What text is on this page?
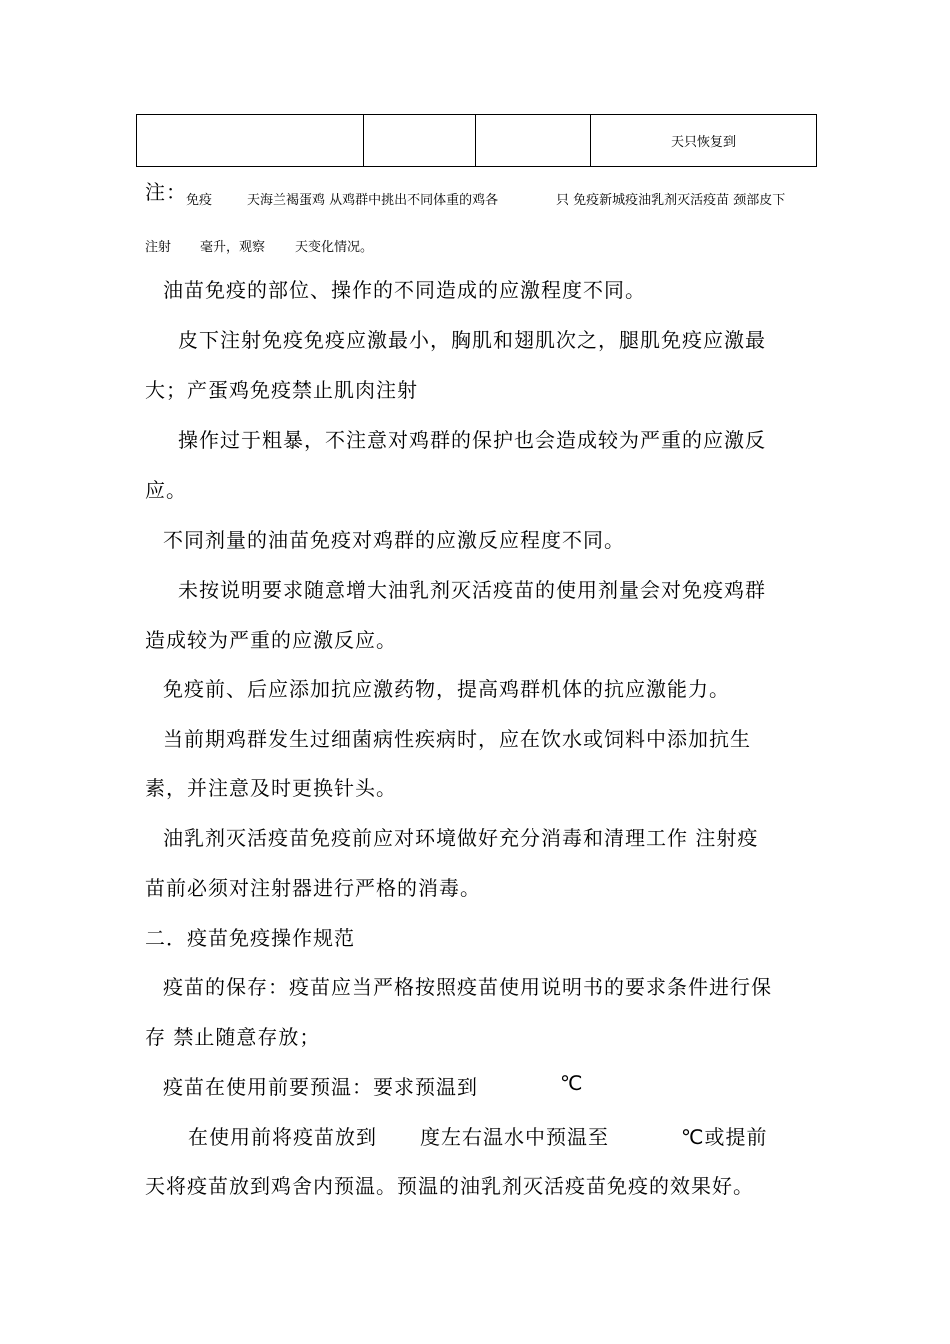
天只恢复到
注： 免疫	天海兰褐蛋鸡 从鸡群中挑出不同体重的鸡各	只 免疫新城疫油乳剂灭活疫苗 颈部皮下
注射 毫升，观察 天变化情况。
油苗免疫的部位、操作的不同造成的应激程度不同。
皮下注射免疫免疫应激最小，胸肌和翅肌次之，腿肌免疫应激最
大；产蛋鸡免疫禁止肌肉注射
操作过于粗暴，不注意对鸡群的保护也会造成较为严重的应激反
应。
不同剂量的油苗免疫对鸡群的应激反应程度不同。
未按说明要求随意增大油乳剂灭活疫苗的使用剂量会对免疫鸡群
造成较为严重的应激反应。
免疫前、后应添加抗应激药物，提高鸡群机体的抗应激能力。
当前期鸡群发生过细菌病性疾病时，应在饮水或饲料中添加抗生
素，并注意及时更换针头。
油乳剂灭活疫苗免疫前应对环境做好充分消毒和清理工作 注射疫
苗前必须对注射器进行严格的消毒。
二．疫苗免疫操作规范
疫苗的保存：疫苗应当严格按照疫苗使用说明书的要求条件进行保
存 禁止随意存放；
疫苗在使用前要预温：要求预温到	℃
在使用前将疫苗放到 度左右温水中预温至	℃或提前
天将疫苗放到鸡舍内预温。预温的油乳剂灭活疫苗免疫的效果好。
